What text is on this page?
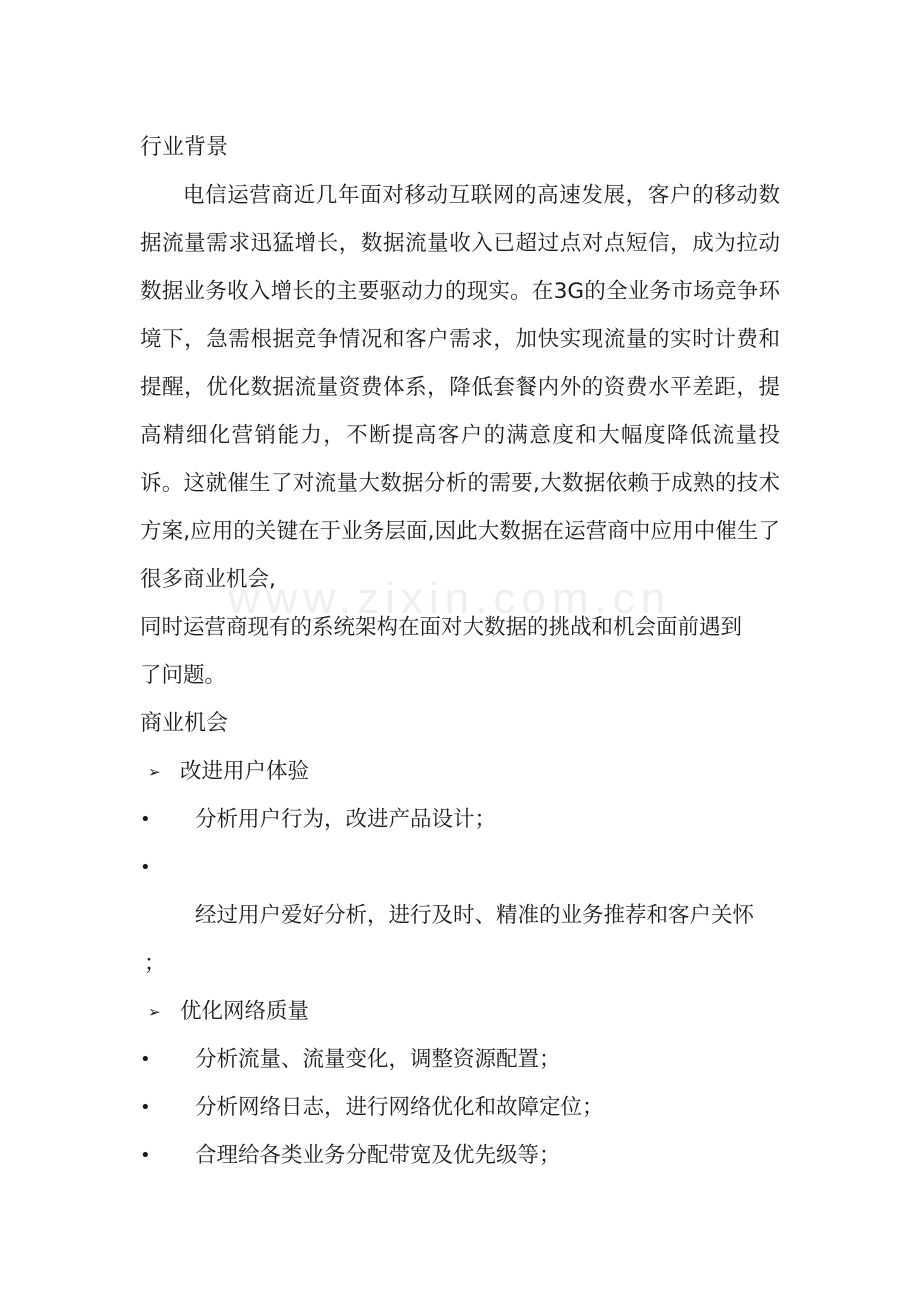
行业背景

电信运营商近几年面对移动互联网的高速发展，客户的移动数据流量需求迅猛增长，数据流量收入已超过点对点短信，成为拉动数据业务收入增长的主要驱动力的现实。在3G的全业务市场竞争环境下，急需根据竞争情况和客户需求，加快实现流量的实时计费和提醒，优化数据流量资费体系，降低套餐内外的资费水平差距，提高精细化营销能力，不断提高客户的满意度和大幅度降低流量投诉。这就催生了对流量大数据分析的需要,大数据依赖于成熟的技术方案,应用的关键在于业务层面,因此大数据在运营商中应用中催生了很多商业机会,

同时运营商现有的系统架构在面对大数据的挑战和机会面前遇到

了问题。

商业机会
➢ 改进用户体验
•	分析用户行为，改进产品设计；
•
经过用户爱好分析，进行及时、精准的业务推荐和客户关怀

；

➢ 优化网络质量
•	分析流量、流量变化，调整资源配置；
•	分析网络日志，进行网络优化和故障定位；
•	合理给各类业务分配带宽及优先级等；
www.zixin.com.cn
